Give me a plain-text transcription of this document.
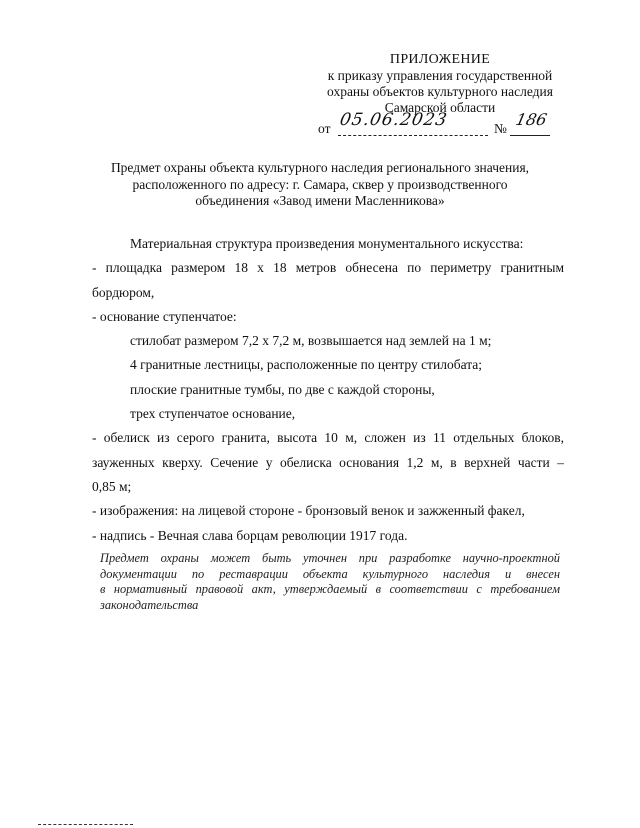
ПРИЛОЖЕНИЕ
к приказу управления государственной
охраны объектов культурного наследия
Самарской области
от 05.06.2023	№ 186
Предмет охраны объекта культурного наследия регионального значения,
расположенного по адресу: г. Самара, сквер у производственного
объединения «Завод имени Масленникова»

Материальная структура произведения монументального искусства:

- площадка размером 18 х 18 метров обнесена по периметру гранитным

бордюром,

- основание ступенчатое:

стилобат размером 7,2 х 7,2 м, возвышается над землей на 1 м;

4 гранитные лестницы, расположенные по центру стилобата;

плоские гранитные тумбы, по две с каждой стороны,

трех ступенчатое основание,

- обелиск из серого гранита, высота 10 м, сложен из 11 отдельных блоков,

зауженных кверху. Сечение у обелиска основания 1,2 м, в верхней части –

0,85 м;

- изображения: на лицевой стороне - бронзовый венок и зажженный факел,

- надпись - Вечная слава борцам революции 1917 года.

Предмет охраны может быть уточнен при разработке научно-проектной

документации по реставрации объекта культурного наследия и внесен

в нормативный правовой акт, утверждаемый в соответствии с требованием

законодательства
